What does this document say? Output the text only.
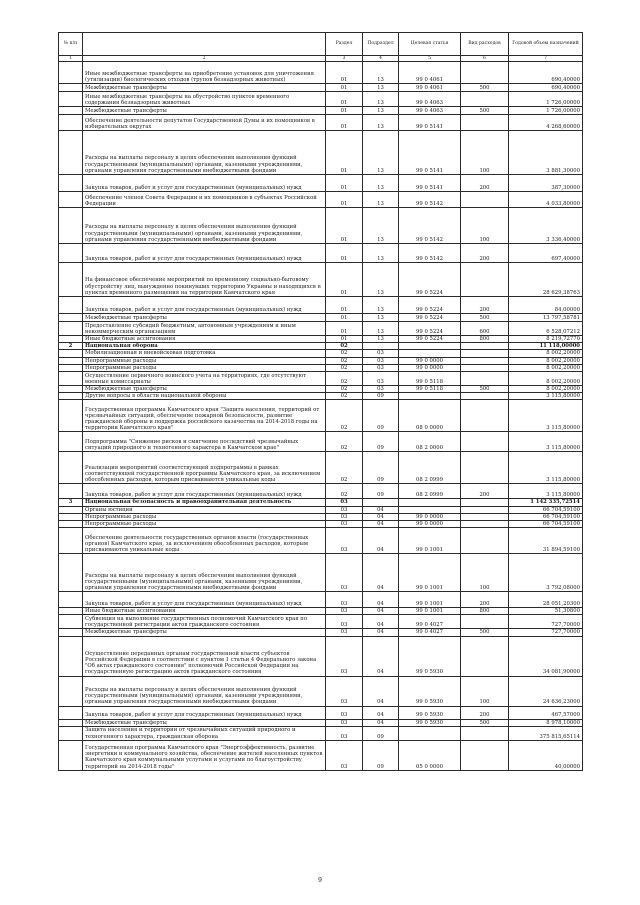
№ п/п		Раздел	Подраздел	Целевая статья	Вид расходов	Годовой объем назначений
1	2	3	4	5	6	7
	Иные межбюджетные трансферты на приобретение установок для уничтожения (утилизации) биологических отходов (трупов безнадзорных животных)	01	13	99 0 4061		690,40000
	Межбюджетные трансферты	01	13	99 0 4061	500	690,40000
	Иные межбюджетные трансферты на обустройство пунктов временного содержания безнадзорных животных	01	13	99 0 4063		1 726,00000
	Межбюджетные трансферты	01	13	99 0 4063	500	1 726,00000
	Обеспечение деятельности депутатов Государственной Думы и их помощников в избирательных округах	01	13	99 0 5141		4 268,60000
	Расходы на выплаты персоналу в целях обеспечения выполнения функций государственными (муниципальными) органами, казенными учреждениями, органами управления государственными внебюджетными фондами	01	13	99 0 5141	100	3 881,30000
	Закупка товаров, работ и услуг для государственных (муниципальных) нужд	01	13	99 0 5141	200	387,30000
	Обеспечение членов Совета Федерации и их помощников в субъектах Российской Федерации	01	13	99 0 5142		4 033,80000
	Расходы на выплаты персоналу в целях обеспечения выполнения функций государственными (муниципальными) органами, казенными учреждениями, органами управления государственными внебюджетными фондами	01	13	99 0 5142	100	3 336,40000
	Закупка товаров, работ и услуг для государственных (муниципальных) нужд	01	13	99 0 5142	200	697,40000
	На финансовое обеспечение мероприятий по временному социально-бытовому обустройству лиц, вынужденно покинувших территорию Украины и находящихся в пунктах временного размещения на территории Камчатского края	01	13	99 0 5224		28 629,38763
	Закупка товаров, работ и услуг для государственных (муниципальных) нужд	01	13	99 0 5224	200	84,00000
	Межбюджетные трансферты	01	13	99 0 5224	500	13 797,58781
	Предоставление субсидий бюджетным, автономным учреждениям и иным некоммерческим организациям	01	13	99 0 5224	600	6 528,07212
	Иные бюджетные ассигнования	01	13	99 0 5224	800	8 219,72770
2	Национальная оборона	02				11 118,00000
	Мобилизационная и вневойсковая подготовка	02	03			8 002,20000
	Непрограммные расходы	02	03	99 0 0000		8 002,20000
	Непрограммные расходы	02	03	99 0 0000		8 002,20000
	Осуществление первичного воинского учета на территориях, где отсутствуют военные комиссариаты	02	03	99 0 5118		8 002,20000
	Межбюджетные трансферты	02	03	99 0 5118	500	8 002,20000
	Другие вопросы в области национальной обороны	02	09			3 115,80000
	Государственная программа Камчатского края "Защита населения, территорий от чрезвычайных ситуаций, обеспечение пожарной безопасности, развитие гражданской обороны и поддержка российского казачества на 2014-2018 годы на территории Камчатского края"	02	09	08 0 0000		3 115,80000
	Подпрограмма "Снижение рисков и смягчение последствий чрезвычайных ситуаций природного и техногенного характера в Камчатском крае"	02	09	08 2 0000		3 115,80000
	Реализация мероприятий соответствующей подпрограммы в рамках соответствующей государственной программы Камчатского края, за исключением обособленных расходов, которым присваиваются уникальные коды	02	09	08 2 0999		3 115,80000
	Закупка товаров, работ и услуг для государственных (муниципальных) нужд	02	09	08 2 0999	200	3 115,80000
3	Национальная безопасность и правоохранительная деятельность	03				1 142 335,72514
	Органы юстиции	03	04			66 704,59100
	Непрограммные расходы	03	04	99 0 0000		66 704,59100
	Непрограммные расходы	03	04	99 0 0000		66 704,59100
	Обеспечение деятельности государственных органов власти (государственных органов) Камчатского края, за исключением обособленных расходов, которым присваиваются уникальные коды	03	04	99 0 1001		31 894,59100
	Расходы на выплаты персоналу в целях обеспечения выполнения функций государственными (муниципальными) органами, казенными учреждениями, органами управления государственными внебюджетными фондами	03	04	99 0 1001	100	3 792,08000
	Закупка товаров, работ и услуг для государственных (муниципальных) нужд	03	04	99 0 1001	200	28 051,20300
	Иные бюджетные ассигнования	03	04	99 0 1001	800	51,30800
	Субвенция на выполнение государственных полномочий Камчатского края по государственной регистрации актов гражданского состояния	03	04	99 0 4027		727,70000
	Межбюджетные трансферты	03	04	99 0 4027	500	727,70000
	Осуществление переданных органам государственной власти субъектов Российской Федерации в соответствии с пунктом 1 статьи 4 Федерального закона "Об актах гражданского состояния" полномочий Российской Федерации на государственную регистрацию актов гражданского состояния	03	04	99 0 5930		34 081,90000
	Расходы на выплаты персоналу в целях обеспечения выполнения функций государственными (муниципальными) органами, казенными учреждениями, органами управления государственными внебюджетными фондами	03	04	99 0 5930	100	24 636,23000
	Закупка товаров, работ и услуг для государственных (муниципальных) нужд	03	04	99 0 5930	200	467,57000
	Межбюджетные трансферты	03	04	99 0 5930	500	8 978,10000
	Защита населения и территории от чрезвычайных ситуаций природного и техногенного характера, гражданская оборона	03	09			375 815,65114
	Государственная программа Камчатского края "Энергоэффективность, развитие энергетики и коммунального хозяйства, обеспечение жителей населенных пунктов Камчатского края коммунальными услугами и услугами по благоустройству территорий на 2014-2018 годы"	03	09	05 0 0000		40,00000
9
